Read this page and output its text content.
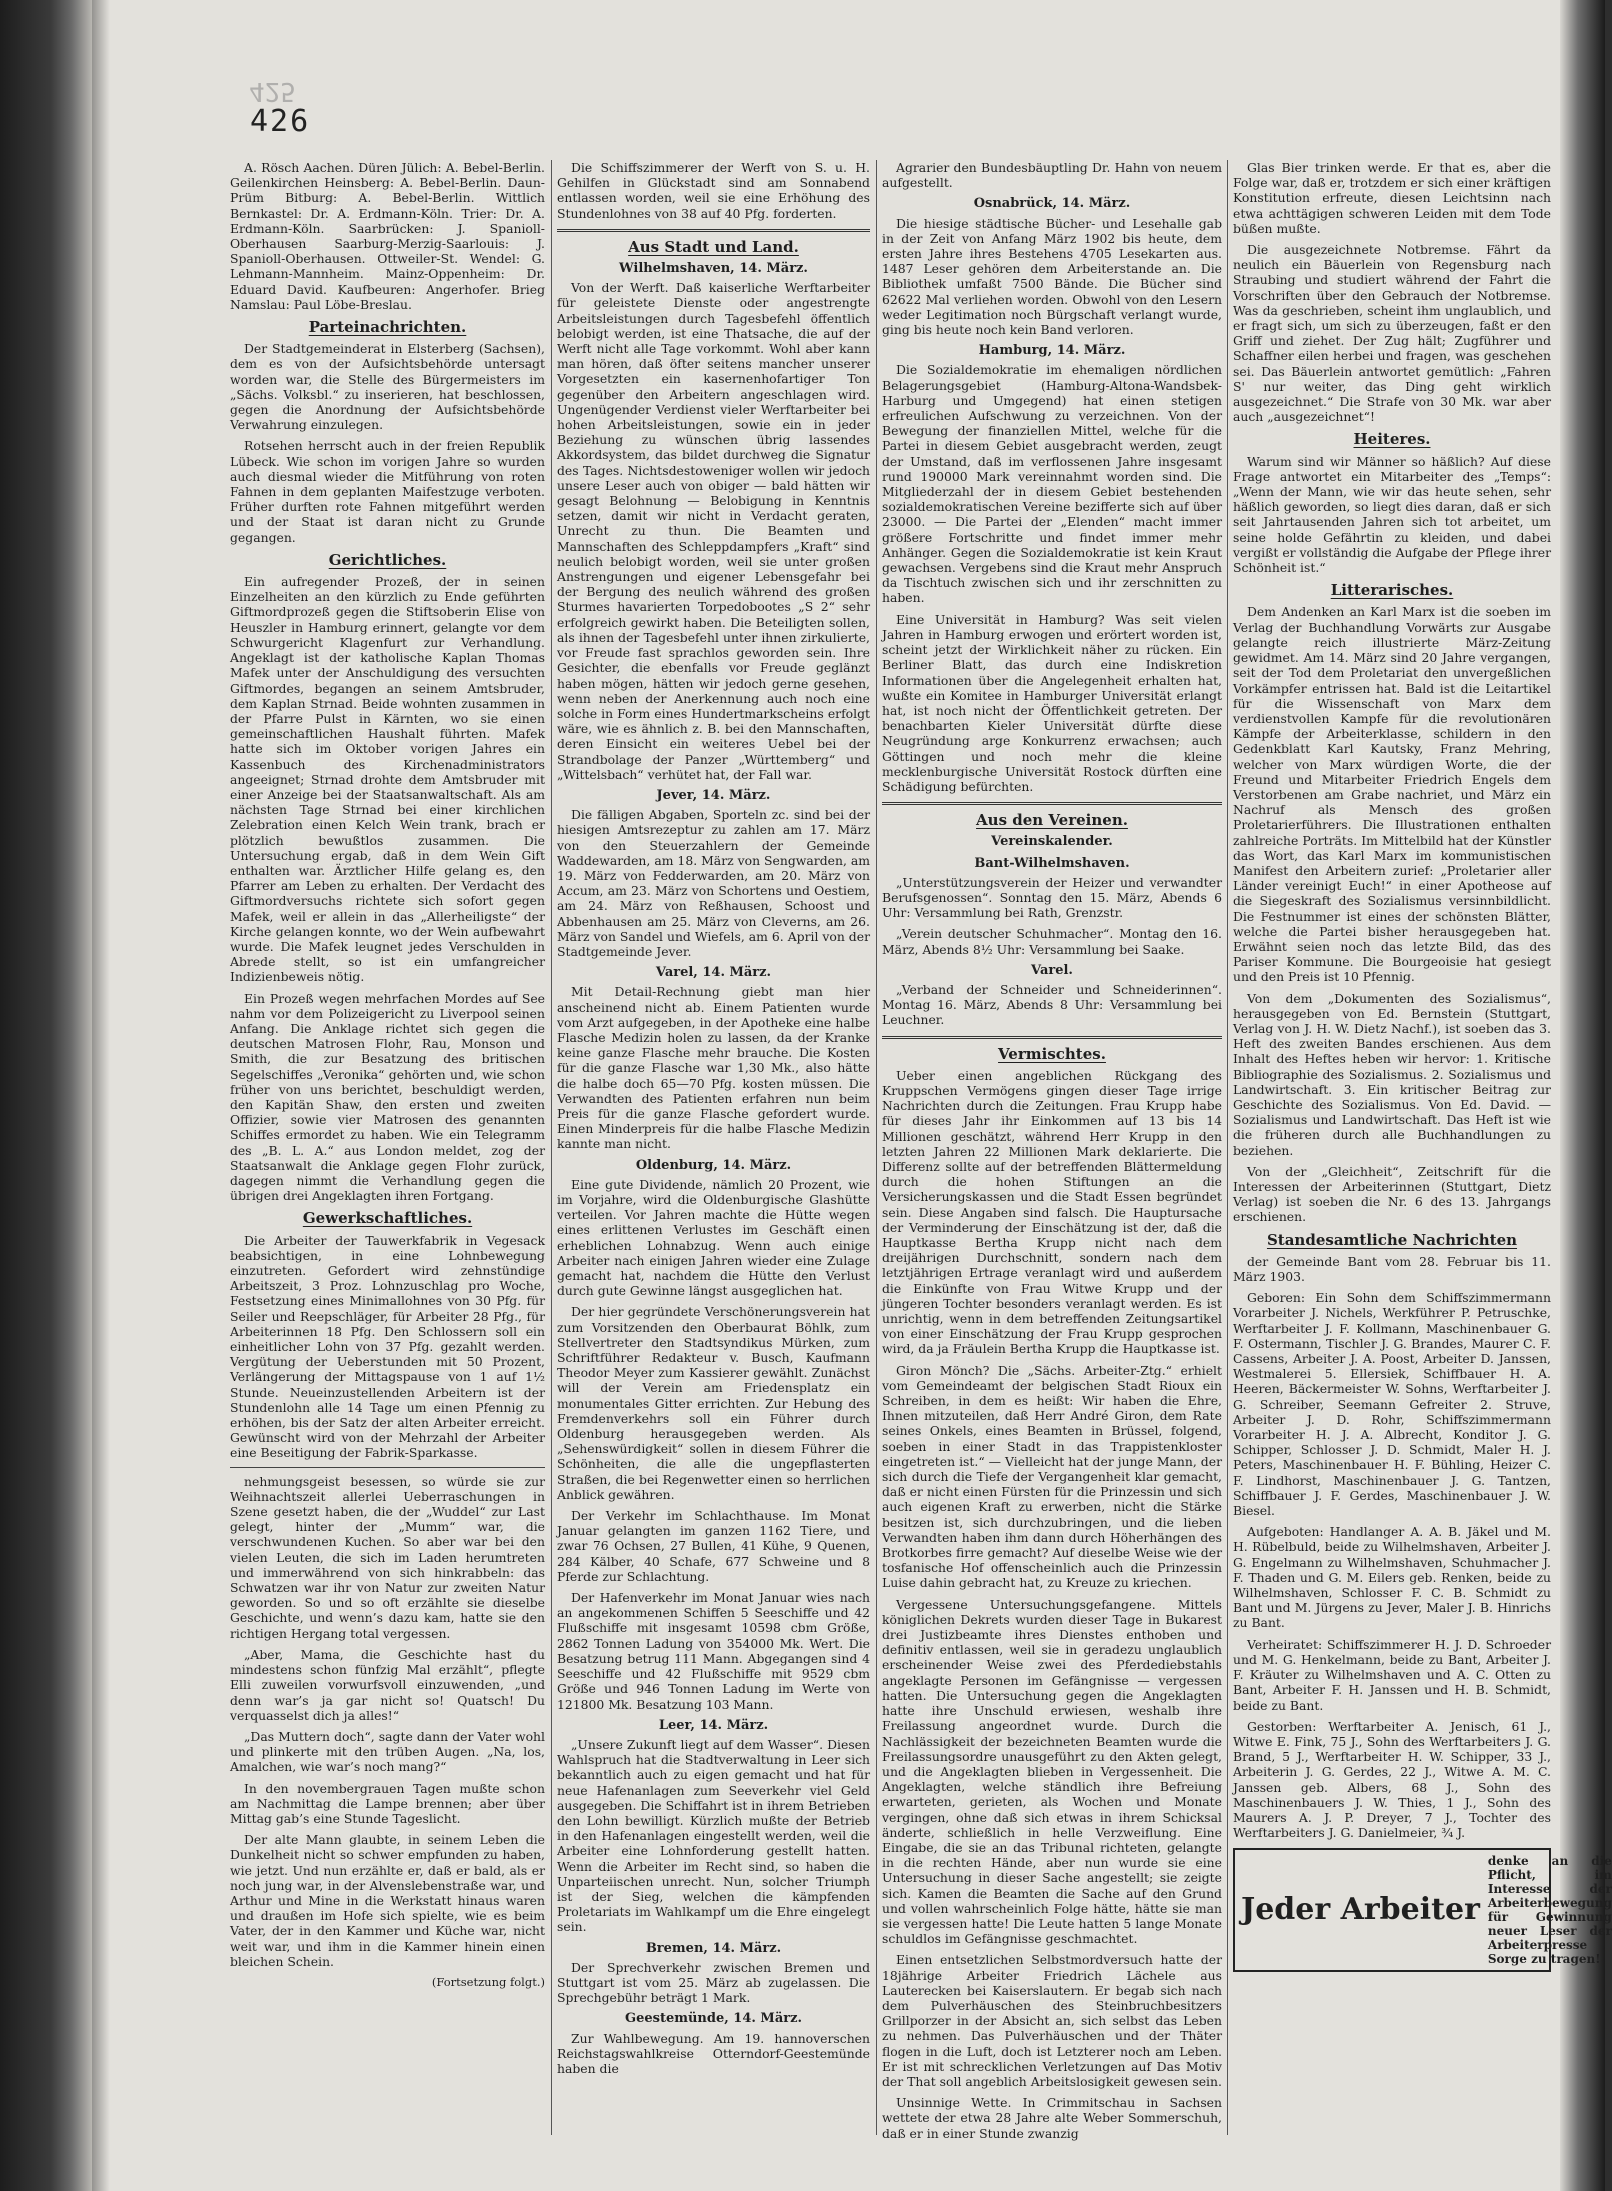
425
426

A. Rösch Aachen. Düren Jülich: A. Bebel-Berlin. Geilenkirchen Heinsberg: A. Bebel-Berlin. Daun-Prüm Bitburg: A. Bebel-Berlin. Wittlich Bernkastel: Dr. A. Erdmann-Köln. Trier: Dr. A. Erdmann-Köln. Saarbrücken: J. Spanioll-Oberhausen Saarburg-Merzig-Saarlouis: J. Spanioll-Oberhausen. Ottweiler-St. Wendel: G. Lehmann-Mannheim. Mainz-Oppenheim: Dr. Eduard David. Kaufbeuren: Angerhofer. Brieg Namslau: Paul Löbe-Breslau.

Parteinachrichten.

Der Stadtgemeinderat in Elsterberg (Sachsen), dem es von der Aufsichtsbehörde untersagt worden war, die Stelle des Bürgermeisters im „Sächs. Volksbl.“ zu inserieren, hat beschlossen, gegen die Anordnung der Aufsichtsbehörde Verwahrung einzulegen.

Rotsehen herrscht auch in der freien Republik Lübeck. Wie schon im vorigen Jahre so wurden auch diesmal wieder die Mitführung von roten Fahnen in dem geplanten Maifestzuge verboten. Früher durften rote Fahnen mitgeführt werden und der Staat ist daran nicht zu Grunde gegangen.

Gerichtliches.

Ein aufregender Prozeß, der in seinen Einzelheiten an den kürzlich zu Ende geführten Giftmordprozeß gegen die Stiftsoberin Elise von Heuszler in Hamburg erinnert, gelangte vor dem Schwurgericht Klagenfurt zur Verhandlung. Angeklagt ist der katholische Kaplan Thomas Mafek unter der Anschuldigung des versuchten Giftmordes, begangen an seinem Amtsbruder, dem Kaplan Strnad. Beide wohnten zusammen in der Pfarre Pulst in Kärnten, wo sie einen gemeinschaftlichen Haushalt führten. Mafek hatte sich im Oktober vorigen Jahres ein Kassenbuch des Kirchenadministrators angeeignet; Strnad drohte dem Amtsbruder mit einer Anzeige bei der Staatsanwaltschaft. Als am nächsten Tage Strnad bei einer kirchlichen Zelebration einen Kelch Wein trank, brach er plötzlich bewußtlos zusammen. Die Untersuchung ergab, daß in dem Wein Gift enthalten war. Ärztlicher Hilfe gelang es, den Pfarrer am Leben zu erhalten. Der Verdacht des Giftmordversuchs richtete sich sofort gegen Mafek, weil er allein in das „Allerheiligste“ der Kirche gelangen konnte, wo der Wein aufbewahrt wurde. Die Mafek leugnet jedes Verschulden in Abrede stellt, so ist ein umfangreicher Indizienbeweis nötig.

Ein Prozeß wegen mehrfachen Mordes auf See nahm vor dem Polizeigericht zu Liverpool seinen Anfang. Die Anklage richtet sich gegen die deutschen Matrosen Flohr, Rau, Monson und Smith, die zur Besatzung des britischen Segelschiffes „Veronika“ gehörten und, wie schon früher von uns berichtet, beschuldigt werden, den Kapitän Shaw, den ersten und zweiten Offizier, sowie vier Matrosen des genannten Schiffes ermordet zu haben. Wie ein Telegramm des „B. L. A.“ aus London meldet, zog der Staatsanwalt die Anklage gegen Flohr zurück, dagegen nimmt die Verhandlung gegen die übrigen drei Angeklagten ihren Fortgang.

Gewerkschaftliches.

Die Arbeiter der Tauwerkfabrik in Vegesack beabsichtigen, in eine Lohnbewegung einzutreten. Gefordert wird zehnstündige Arbeitszeit, 3 Proz. Lohnzuschlag pro Woche, Festsetzung eines Minimallohnes von 30 Pfg. für Seiler und Reepschläger, für Arbeiter 28 Pfg., für Arbeiterinnen 18 Pfg. Den Schlossern soll ein einheitlicher Lohn von 37 Pfg. gezahlt werden. Vergütung der Ueberstunden mit 50 Prozent, Verlängerung der Mittagspause von 1 auf 1½ Stunde. Neueinzustellenden Arbeitern ist der Stundenlohn alle 14 Tage um einen Pfennig zu erhöhen, bis der Satz der alten Arbeiter erreicht. Gewünscht wird von der Mehrzahl der Arbeiter eine Beseitigung der Fabrik-Sparkasse.

nehmungsgeist besessen, so würde sie zur Weihnachtszeit allerlei Ueberraschungen in Szene gesetzt haben, die der „Wuddel“ zur Last gelegt, hinter der „Mumm“ war, die verschwundenen Kuchen. So aber war bei den vielen Leuten, die sich im Laden herumtreten und immerwährend von sich hinkrabbeln: das Schwatzen war ihr von Natur zur zweiten Natur geworden. So und so oft erzählte sie dieselbe Geschichte, und wenn’s dazu kam, hatte sie den richtigen Hergang total vergessen.

„Aber, Mama, die Geschichte hast du mindestens schon fünfzig Mal erzählt“, pflegte Elli zuweilen vorwurfsvoll einzuwenden, „und denn war’s ja gar nicht so! Quatsch! Du verquasselst dich ja alles!“

„Das Muttern doch“, sagte dann der Vater wohl und plinkerte mit den trüben Augen. „Na, los, Amalchen, wie war’s noch mang?“

In den novembergrauen Tagen mußte schon am Nachmittag die Lampe brennen; aber über Mittag gab’s eine Stunde Tageslicht.

Der alte Mann glaubte, in seinem Leben die Dunkelheit nicht so schwer empfunden zu haben, wie jetzt. Und nun erzählte er, daß er bald, als er noch jung war, in der Alvenslebenstraße war, und Arthur und Mine in die Werkstatt hinaus waren und draußen im Hofe sich spielte, wie es beim Vater, der in den Kammer und Küche war, nicht weit war, und ihm in die Kammer hinein einen bleichen Schein.

(Fortsetzung folgt.)

Die Schiffszimmerer der Werft von S. u. H. Gehilfen in Glückstadt sind am Sonnabend entlassen worden, weil sie eine Erhöhung des Stundenlohnes von 38 auf 40 Pfg. forderten.

Aus Stadt und Land.
Wilhelmshaven, 14. März.

Von der Werft. Daß kaiserliche Werftarbeiter für geleistete Dienste oder angestrengte Arbeitsleistungen durch Tagesbefehl öffentlich belobigt werden, ist eine Thatsache, die auf der Werft nicht alle Tage vorkommt. Wohl aber kann man hören, daß öfter seitens mancher unserer Vorgesetzten ein kasernenhofartiger Ton gegenüber den Arbeitern angeschlagen wird. Ungenügender Verdienst vieler Werftarbeiter bei hohen Arbeitsleistungen, sowie ein in jeder Beziehung zu wünschen übrig lassendes Akkordsystem, das bildet durchweg die Signatur des Tages. Nichtsdestoweniger wollen wir jedoch unsere Leser auch von obiger — bald hätten wir gesagt Belohnung — Belobigung in Kenntnis setzen, damit wir nicht in Verdacht geraten, Unrecht zu thun. Die Beamten und Mannschaften des Schleppdampfers „Kraft“ sind neulich belobigt worden, weil sie unter großen Anstrengungen und eigener Lebensgefahr bei der Bergung des neulich während des großen Sturmes havarierten Torpedobootes „S 2“ sehr erfolgreich gewirkt haben. Die Beteiligten sollen, als ihnen der Tagesbefehl unter ihnen zirkulierte, vor Freude fast sprachlos geworden sein. Ihre Gesichter, die ebenfalls vor Freude geglänzt haben mögen, hätten wir jedoch gerne gesehen, wenn neben der Anerkennung auch noch eine solche in Form eines Hundertmarkscheins erfolgt wäre, wie es ähnlich z. B. bei den Mannschaften, deren Einsicht ein weiteres Uebel bei der Strandbolage der Panzer „Württemberg“ und „Wittelsbach“ verhütet hat, der Fall war.

Jever, 14. März.

Die fälligen Abgaben, Sporteln zc. sind bei der hiesigen Amtsrezeptur zu zahlen am 17. März von den Steuerzahlern der Gemeinde Waddewarden, am 18. März von Sengwarden, am 19. März von Fedderwarden, am 20. März von Accum, am 23. März von Schortens und Oestiem, am 24. März von Reßhausen, Schoost und Abbenhausen am 25. März von Cleverns, am 26. März von Sandel und Wiefels, am 6. April von der Stadtgemeinde Jever.

Varel, 14. März.

Mit Detail-Rechnung giebt man hier anscheinend nicht ab. Einem Patienten wurde vom Arzt aufgegeben, in der Apotheke eine halbe Flasche Medizin holen zu lassen, da der Kranke keine ganze Flasche mehr brauche. Die Kosten für die ganze Flasche war 1,30 Mk., also hätte die halbe doch 65—70 Pfg. kosten müssen. Die Verwandten des Patienten erfahren nun beim Preis für die ganze Flasche gefordert wurde. Einen Minderpreis für die halbe Flasche Medizin kannte man nicht.

Oldenburg, 14. März.

Eine gute Dividende, nämlich 20 Prozent, wie im Vorjahre, wird die Oldenburgische Glashütte verteilen. Vor Jahren machte die Hütte wegen eines erlittenen Verlustes im Geschäft einen erheblichen Lohnabzug. Wenn auch einige Arbeiter nach einigen Jahren wieder eine Zulage gemacht hat, nachdem die Hütte den Verlust durch gute Gewinne längst ausgeglichen hat.

Der hier gegründete Verschönerungsverein hat zum Vorsitzenden den Oberbaurat Böhlk, zum Stellvertreter den Stadtsyndikus Mürken, zum Schriftführer Redakteur v. Busch, Kaufmann Theodor Meyer zum Kassierer gewählt. Zunächst will der Verein am Friedensplatz ein monumentales Gitter errichten. Zur Hebung des Fremdenverkehrs soll ein Führer durch Oldenburg herausgegeben werden. Als „Sehenswürdigkeit“ sollen in diesem Führer die Schönheiten, die alle die ungepflasterten Straßen, die bei Regenwetter einen so herrlichen Anblick gewähren.

Der Verkehr im Schlachthause. Im Monat Januar gelangten im ganzen 1162 Tiere, und zwar 76 Ochsen, 27 Bullen, 41 Kühe, 9 Quenen, 284 Kälber, 40 Schafe, 677 Schweine und 8 Pferde zur Schlachtung.

Der Hafenverkehr im Monat Januar wies nach an angekommenen Schiffen 5 Seeschiffe und 42 Flußschiffe mit insgesamt 10598 cbm Größe, 2862 Tonnen Ladung von 354000 Mk. Wert. Die Besatzung betrug 111 Mann. Abgegangen sind 4 Seeschiffe und 42 Flußschiffe mit 9529 cbm Größe und 946 Tonnen Ladung im Werte von 121800 Mk. Besatzung 103 Mann.

Leer, 14. März.

„Unsere Zukunft liegt auf dem Wasser“. Diesen Wahlspruch hat die Stadtverwaltung in Leer sich bekanntlich auch zu eigen gemacht und hat für neue Hafenanlagen zum Seeverkehr viel Geld ausgegeben. Die Schiffahrt ist in ihrem Betrieben den Lohn bewilligt. Kürzlich mußte der Betrieb in den Hafenanlagen eingestellt werden, weil die Arbeiter eine Lohnforderung gestellt hatten. Wenn die Arbeiter im Recht sind, so haben die Unparteiischen unrecht. Nun, solcher Triumph ist der Sieg, welchen die kämpfenden Proletariats im Wahlkampf um die Ehre eingelegt sein.

Bremen, 14. März.

Der Sprechverkehr zwischen Bremen und Stuttgart ist vom 25. März ab zugelassen. Die Sprechgebühr beträgt 1 Mark.

Geestemünde, 14. März.

Zur Wahlbewegung. Am 19. hannoverschen Reichstagswahlkreise Otterndorf-Geestemünde haben die

Agrarier den Bundesbäuptling Dr. Hahn von neuem aufgestellt.

Osnabrück, 14. März.

Die hiesige städtische Bücher- und Lesehalle gab in der Zeit von Anfang März 1902 bis heute, dem ersten Jahre ihres Bestehens 4705 Lesekarten aus. 1487 Leser gehören dem Arbeiterstande an. Die Bibliothek umfaßt 7500 Bände. Die Bücher sind 62622 Mal verliehen worden. Obwohl von den Lesern weder Legitimation noch Bürgschaft verlangt wurde, ging bis heute noch kein Band verloren.

Hamburg, 14. März.

Die Sozialdemokratie im ehemaligen nördlichen Belagerungsgebiet (Hamburg-Altona-Wandsbek-Harburg und Umgegend) hat einen stetigen erfreulichen Aufschwung zu verzeichnen. Von der Bewegung der finanziellen Mittel, welche für die Partei in diesem Gebiet ausgebracht werden, zeugt der Umstand, daß im verflossenen Jahre insgesamt rund 190000 Mark vereinnahmt worden sind. Die Mitgliederzahl der in diesem Gebiet bestehenden sozialdemokratischen Vereine bezifferte sich auf über 23000. — Die Partei der „Elenden“ macht immer größere Fortschritte und findet immer mehr Anhänger. Gegen die Sozialdemokratie ist kein Kraut gewachsen. Vergebens sind die Kraut mehr Anspruch da Tischtuch zwischen sich und ihr zerschnitten zu haben.

Eine Universität in Hamburg? Was seit vielen Jahren in Hamburg erwogen und erörtert worden ist, scheint jetzt der Wirklichkeit näher zu rücken. Ein Berliner Blatt, das durch eine Indiskretion Informationen über die Angelegenheit erhalten hat, wußte ein Komitee in Hamburger Universität erlangt hat, ist noch nicht der Öffentlichkeit getreten. Der benachbarten Kieler Universität dürfte diese Neugründung arge Konkurrenz erwachsen; auch Göttingen und noch mehr die kleine mecklenburgische Universität Rostock dürften eine Schädigung befürchten.

Aus den Vereinen.
Vereinskalender.
Bant-Wilhelmshaven.

„Unterstützungsverein der Heizer und verwandter Berufsgenossen“. Sonntag den 15. März, Abends 6 Uhr: Versammlung bei Rath, Grenzstr.

„Verein deutscher Schuhmacher“. Montag den 16. März, Abends 8½ Uhr: Versammlung bei Saake.

Varel.

„Verband der Schneider und Schneiderinnen“. Montag 16. März, Abends 8 Uhr: Versammlung bei Leuchner.

Vermischtes.

Ueber einen angeblichen Rückgang des Kruppschen Vermögens gingen dieser Tage irrige Nachrichten durch die Zeitungen. Frau Krupp habe für dieses Jahr ihr Einkommen auf 13 bis 14 Millionen geschätzt, während Herr Krupp in den letzten Jahren 22 Millionen Mark deklarierte. Die Differenz sollte auf der betreffenden Blättermeldung durch die hohen Stiftungen an die Versicherungskassen und die Stadt Essen begründet sein. Diese Angaben sind falsch. Die Hauptursache der Verminderung der Einschätzung ist der, daß die Hauptkasse Bertha Krupp nicht nach dem dreijährigen Durchschnitt, sondern nach dem letztjährigen Ertrage veranlagt wird und außerdem die Einkünfte von Frau Witwe Krupp und der jüngeren Tochter besonders veranlagt werden. Es ist unrichtig, wenn in dem betreffenden Zeitungsartikel von einer Einschätzung der Frau Krupp gesprochen wird, da ja Fräulein Bertha Krupp die Hauptkasse ist.

Giron Mönch? Die „Sächs. Arbeiter-Ztg.“ erhielt vom Gemeindeamt der belgischen Stadt Rioux ein Schreiben, in dem es heißt: Wir haben die Ehre, Ihnen mitzuteilen, daß Herr André Giron, dem Rate seines Onkels, eines Beamten in Brüssel, folgend, soeben in einer Stadt in das Trappistenkloster eingetreten ist.“ — Vielleicht hat der junge Mann, der sich durch die Tiefe der Vergangenheit klar gemacht, daß er nicht einen Fürsten für die Prinzessin und sich auch eigenen Kraft zu erwerben, nicht die Stärke besitzen ist, sich durchzubringen, und die lieben Verwandten haben ihm dann durch Höherhängen des Brotkorbes firre gemacht? Auf dieselbe Weise wie der tosfanische Hof offenscheinlich auch die Prinzessin Luise dahin gebracht hat, zu Kreuze zu kriechen.

Vergessene Untersuchungsgefangene. Mittels königlichen Dekrets wurden dieser Tage in Bukarest drei Justizbeamte ihres Dienstes enthoben und definitiv entlassen, weil sie in geradezu unglaublich erscheinender Weise zwei des Pferdediebstahls angeklagte Personen im Gefängnisse — vergessen hatten. Die Untersuchung gegen die Angeklagten hatte ihre Unschuld erwiesen, weshalb ihre Freilassung angeordnet wurde. Durch die Nachlässigkeit der bezeichneten Beamten wurde die Freilassungsordre unausgeführt zu den Akten gelegt, und die Angeklagten blieben in Vergessenheit. Die Angeklagten, welche ständlich ihre Befreiung erwarteten, gerieten, als Wochen und Monate vergingen, ohne daß sich etwas in ihrem Schicksal änderte, schließlich in helle Verzweiflung. Eine Eingabe, die sie an das Tribunal richteten, gelangte in die rechten Hände, aber nun wurde sie eine Untersuchung in dieser Sache angestellt; sie zeigte sich. Kamen die Beamten die Sache auf den Grund und vollen wahrscheinlich Folge hätte, hätte sie man sie vergessen hatte! Die Leute hatten 5 lange Monate schuldlos im Gefängnisse geschmachtet.

Einen entsetzlichen Selbstmordversuch hatte der 18jährige Arbeiter Friedrich Lächele aus Lauterecken bei Kaiserslautern. Er begab sich nach dem Pulverhäuschen des Steinbruchbesitzers Grillporzer in der Absicht an, sich selbst das Leben zu nehmen. Das Pulverhäuschen und der Thäter flogen in die Luft, doch ist Letzterer noch am Leben. Er ist mit schrecklichen Verletzungen auf Das Motiv der That soll angeblich Arbeitslosigkeit gewesen sein.

Unsinnige Wette. In Crimmitschau in Sachsen wettete der etwa 28 Jahre alte Weber Sommerschuh, daß er in einer Stunde zwanzig

Glas Bier trinken werde. Er that es, aber die Folge war, daß er, trotzdem er sich einer kräftigen Konstitution erfreute, diesen Leichtsinn nach etwa achttägigen schweren Leiden mit dem Tode büßen mußte.

Die ausgezeichnete Notbremse. Fährt da neulich ein Bäuerlein von Regensburg nach Straubing und studiert während der Fahrt die Vorschriften über den Gebrauch der Notbremse. Was da geschrieben, scheint ihm unglaublich, und er fragt sich, um sich zu überzeugen, faßt er den Griff und ziehet. Der Zug hält; Zugführer und Schaffner eilen herbei und fragen, was geschehen sei. Das Bäuerlein antwortet gemütlich: „Fahren S' nur weiter, das Ding geht wirklich ausgezeichnet.“ Die Strafe von 30 Mk. war aber auch „ausgezeichnet“!

Heiteres.

Warum sind wir Männer so häßlich? Auf diese Frage antwortet ein Mitarbeiter des „Temps“: „Wenn der Mann, wie wir das heute sehen, sehr häßlich geworden, so liegt dies daran, daß er sich seit Jahrtausenden Jahren sich tot arbeitet, um seine holde Gefährtin zu kleiden, und dabei vergißt er vollständig die Aufgabe der Pflege ihrer Schönheit ist.“

Litterarisches.

Dem Andenken an Karl Marx ist die soeben im Verlag der Buchhandlung Vorwärts zur Ausgabe gelangte reich illustrierte März-Zeitung gewidmet. Am 14. März sind 20 Jahre vergangen, seit der Tod dem Proletariat den unvergeßlichen Vorkämpfer entrissen hat. Bald ist die Leitartikel für die Wissenschaft von Marx dem verdienstvollen Kampfe für die revolutionären Kämpfe der Arbeiterklasse, schildern in den Gedenkblatt Karl Kautsky, Franz Mehring, welcher von Marx würdigen Worte, die der Freund und Mitarbeiter Friedrich Engels dem Verstorbenen am Grabe nachriet, und März ein Nachruf als Mensch des großen Proletarierführers. Die Illustrationen enthalten zahlreiche Porträts. Im Mittelbild hat der Künstler das Wort, das Karl Marx im kommunistischen Manifest den Arbeitern zurief: „Proletarier aller Länder vereinigt Euch!“ in einer Apotheose auf die Siegeskraft des Sozialismus versinnbildlicht. Die Festnummer ist eines der schönsten Blätter, welche die Partei bisher herausgegeben hat. Erwähnt seien noch das letzte Bild, das des Pariser Kommune. Die Bourgeoisie hat gesiegt und den Preis ist 10 Pfennig.

Von dem „Dokumenten des Sozialismus“, herausgegeben von Ed. Bernstein (Stuttgart, Verlag von J. H. W. Dietz Nachf.), ist soeben das 3. Heft des zweiten Bandes erschienen. Aus dem Inhalt des Heftes heben wir hervor: 1. Kritische Bibliographie des Sozialismus. 2. Sozialismus und Landwirtschaft. 3. Ein kritischer Beitrag zur Geschichte des Sozialismus. Von Ed. David. — Sozialismus und Landwirtschaft. Das Heft ist wie die früheren durch alle Buchhandlungen zu beziehen.

Von der „Gleichheit“, Zeitschrift für die Interessen der Arbeiterinnen (Stuttgart, Dietz Verlag) ist soeben die Nr. 6 des 13. Jahrgangs erschienen.

Standesamtliche Nachrichten

der Gemeinde Bant vom 28. Februar bis 11. März 1903.

Geboren: Ein Sohn dem Schiffszimmermann Vorarbeiter J. Nichels, Werkführer P. Petruschke, Werftarbeiter J. F. Kollmann, Maschinenbauer G. F. Ostermann, Tischler J. G. Brandes, Maurer C. F. Cassens, Arbeiter J. A. Poost, Arbeiter D. Janssen, Westmalerei 5. Ellersiek, Schiffbauer H. A. Heeren, Bäckermeister W. Sohns, Werftarbeiter J. G. Schreiber, Seemann Gefreiter 2. Struve, Arbeiter J. D. Rohr, Schiffszimmermann Vorarbeiter H. J. A. Albrecht, Konditor J. G. Schipper, Schlosser J. D. Schmidt, Maler H. J. Peters, Maschinenbauer H. F. Bühling, Heizer C. F. Lindhorst, Maschinenbauer J. G. Tantzen, Schiffbauer J. F. Gerdes, Maschinenbauer J. W. Biesel.

Aufgeboten: Handlanger A. A. B. Jäkel und M. H. Rübelbuld, beide zu Wilhelmshaven, Arbeiter J. G. Engelmann zu Wilhelmshaven, Schuhmacher J. F. Thaden und G. M. Eilers geb. Renken, beide zu Wilhelmshaven, Schlosser F. C. B. Schmidt zu Bant und M. Jürgens zu Jever, Maler J. B. Hinrichs zu Bant.

Verheiratet: Schiffszimmerer H. J. D. Schroeder und M. G. Henkelmann, beide zu Bant, Arbeiter J. F. Kräuter zu Wilhelmshaven und A. C. Otten zu Bant, Arbeiter F. H. Janssen und H. B. Schmidt, beide zu Bant.

Gestorben: Werftarbeiter A. Jenisch, 61 J., Witwe E. Fink, 75 J., Sohn des Werftarbeiters J. G. Brand, 5 J., Werftarbeiter H. W. Schipper, 33 J., Arbeiterin J. G. Gerdes, 22 J., Witwe A. M. C. Janssen geb. Albers, 68 J., Sohn des Maschinenbauers J. W. Thies, 1 J., Sohn des Maurers A. J. P. Dreyer, 7 J., Tochter des Werftarbeiters J. G. Danielmeier, ¾ J.

Jeder Arbeiter
denke an die Pflicht, im Interesse der Arbeiterbewegung für Gewinnung neuer Leser der Arbeiterpresse Sorge zu tragen!
